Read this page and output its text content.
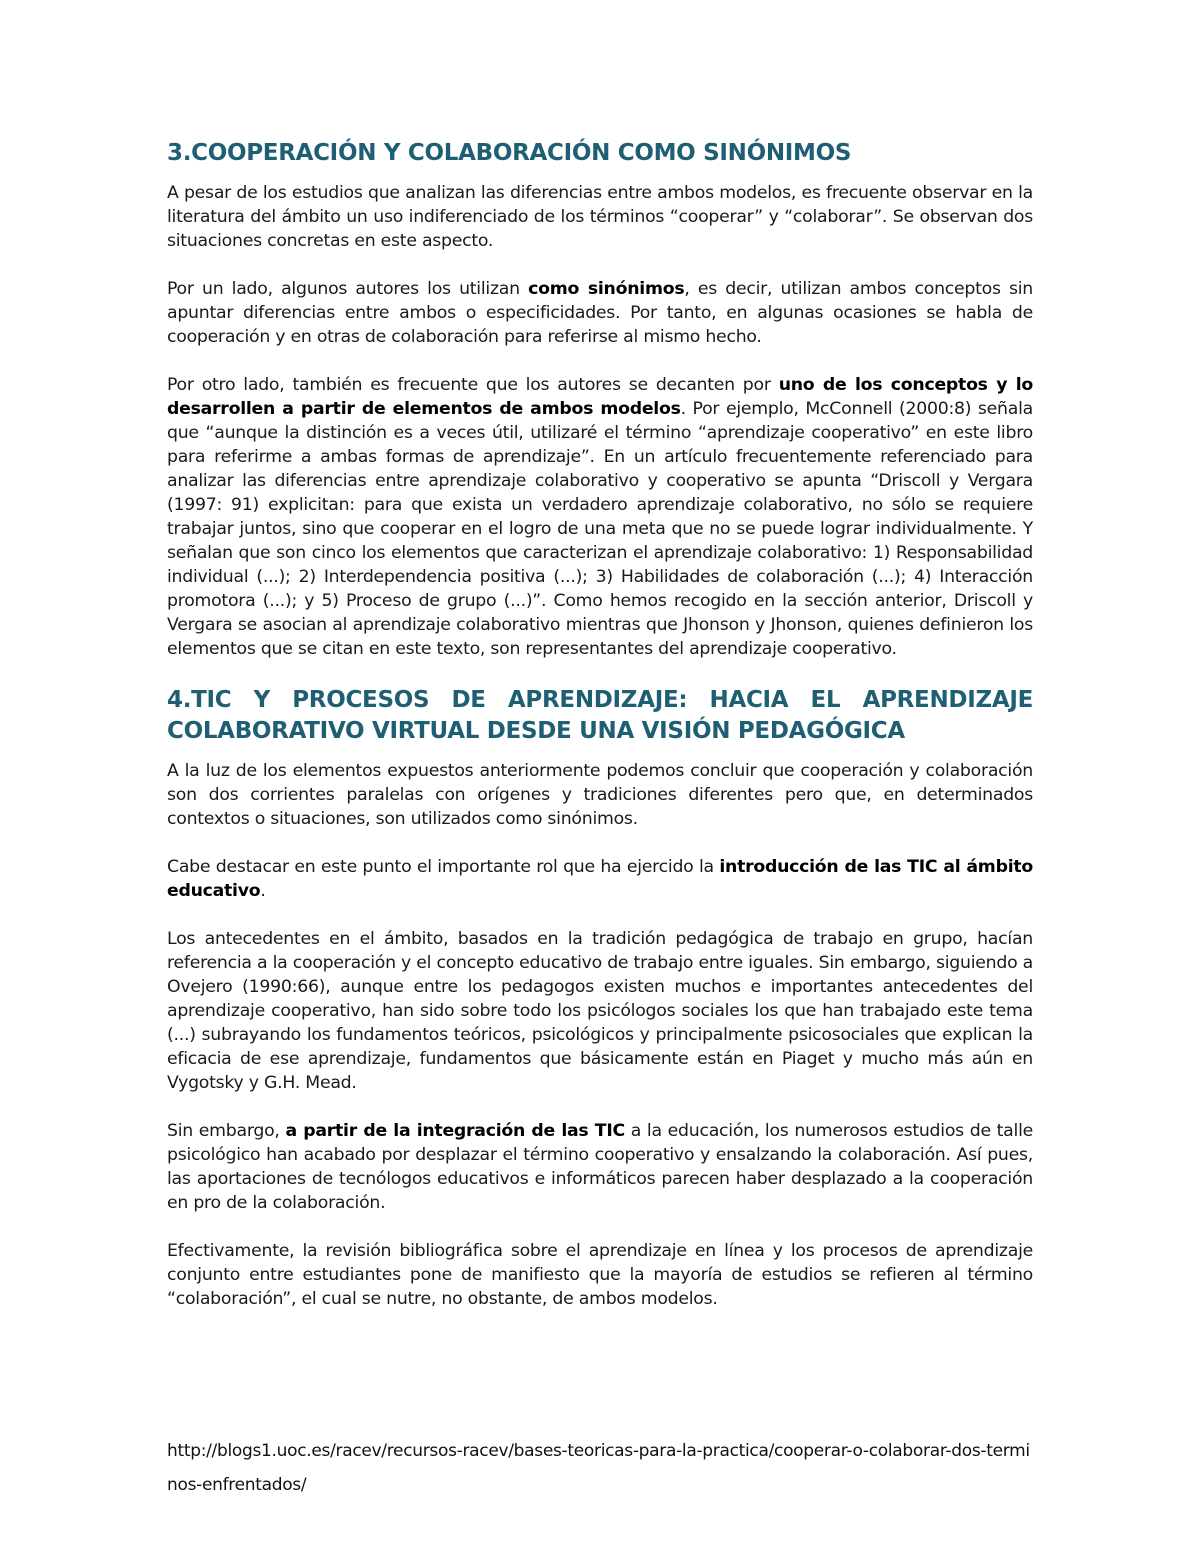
3.COOPERACIÓN Y COLABORACIÓN COMO SINÓNIMOS

A pesar de los estudios que analizan las diferencias entre ambos modelos, es frecuente observar en la literatura del ámbito un uso indiferenciado de los términos “cooperar” y “colaborar”. Se observan dos situaciones concretas en este aspecto.

Por un lado, algunos autores los utilizan como sinónimos, es decir, utilizan ambos conceptos sin apuntar diferencias entre ambos o especificidades. Por tanto, en algunas ocasiones se habla de cooperación y en otras de colaboración para referirse al mismo hecho.

Por otro lado, también es frecuente que los autores se decanten por uno de los conceptos y lo desarrollen a partir de elementos de ambos modelos. Por ejemplo, McConnell (2000:8) señala que “aunque la distinción es a veces útil, utilizaré el término “aprendizaje cooperativo” en este libro para referirme a ambas formas de aprendizaje”. En un artículo frecuentemente referenciado para analizar las diferencias entre aprendizaje colaborativo y cooperativo se apunta “Driscoll y Vergara (1997: 91) explicitan: para que exista un verdadero aprendizaje colaborativo, no sólo se requiere trabajar juntos, sino que cooperar en el logro de una meta que no se puede lograr individualmente. Y señalan que son cinco los elementos que caracterizan el aprendizaje colaborativo: 1) Responsabilidad individual (...); 2) Interdependencia positiva (...); 3) Habilidades de colaboración (...); 4) Interacción promotora (...); y 5) Proceso de grupo (...)”. Como hemos recogido en la sección anterior, Driscoll y Vergara se asocian al aprendizaje colaborativo mientras que Jhonson y Jhonson, quienes definieron los elementos que se citan en este texto, son representantes del aprendizaje cooperativo.

4.TIC Y PROCESOS DE APRENDIZAJE: HACIA EL APRENDIZAJE COLABORATIVO VIRTUAL DESDE UNA VISIÓN PEDAGÓGICA

A la luz de los elementos expuestos anteriormente podemos concluir que cooperación y colaboración son dos corrientes paralelas con orígenes y tradiciones diferentes pero que, en determinados contextos o situaciones, son utilizados como sinónimos.

Cabe destacar en este punto el importante rol que ha ejercido la introducción de las TIC al ámbito educativo.

Los antecedentes en el ámbito, basados en la tradición pedagógica de trabajo en grupo, hacían referencia a la cooperación y el concepto educativo de trabajo entre iguales. Sin embargo, siguiendo a Ovejero (1990:66), aunque entre los pedagogos existen muchos e importantes antecedentes del aprendizaje cooperativo, han sido sobre todo los psicólogos sociales los que han trabajado este tema (...) subrayando los fundamentos teóricos, psicológicos y principalmente psicosociales que explican la eficacia de ese aprendizaje, fundamentos que básicamente están en Piaget y mucho más aún en Vygotsky y G.H. Mead.

Sin embargo, a partir de la integración de las TIC a la educación, los numerosos estudios de talle psicológico han acabado por desplazar el término cooperativo y ensalzando la colaboración. Así pues, las aportaciones de tecnólogos educativos e informáticos parecen haber desplazado a la cooperación en pro de la colaboración.

Efectivamente, la revisión bibliográfica sobre el aprendizaje en línea y los procesos de aprendizaje conjunto entre estudiantes pone de manifiesto que la mayoría de estudios se refieren al término “colaboración”, el cual se nutre, no obstante, de ambos modelos.

http://blogs1.uoc.es/racev/recursos-racev/bases-teoricas-para-la-practica/cooperar-o-colaborar-dos-terminos-enfrentados/
